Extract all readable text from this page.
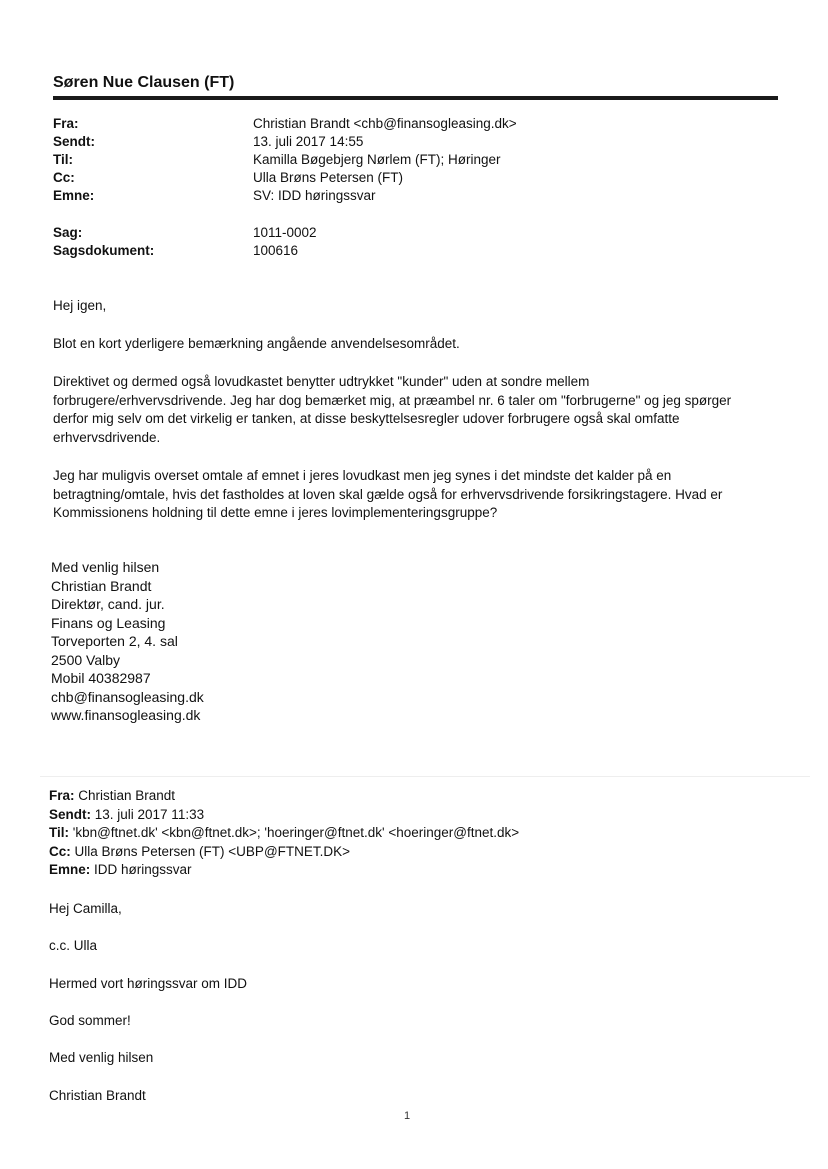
Søren Nue Clausen (FT)
Fra:	Christian Brandt <chb@finansogleasing.dk>
Sendt:	13. juli 2017 14:55
Til:	Kamilla Bøgebjerg Nørlem (FT); Høringer
Cc:	Ulla Brøns Petersen (FT)
Emne:	SV: IDD høringssvar
Sag:	1011-0002
Sagsdokument:	100616

Hej igen,

Blot en kort yderligere bemærkning angående anvendelsesområdet.

Direktivet og dermed også lovudkastet benytter udtrykket "kunder" uden at sondre mellem
forbrugere/erhvervsdrivende. Jeg har dog bemærket mig, at præambel nr. 6 taler om "forbrugerne" og jeg spørger
derfor mig selv om det virkelig er tanken, at disse beskyttelsesregler udover forbrugere også skal omfatte
erhvervsdrivende.
Jeg har muligvis overset omtale af emnet i jeres lovudkast men jeg synes i det mindste det kalder på en
betragtning/omtale, hvis det fastholdes at loven skal gælde også for erhvervsdrivende forsikringstagere. Hvad er
Kommissionens holdning til dette emne i jeres lovimplementeringsgruppe?
Med venlig hilsen
Christian Brandt
Direktør, cand. jur.
Finans og Leasing
Torveporten 2, 4. sal
2500 Valby
Mobil 40382987
chb@finansogleasing.dk
www.finansogleasing.dk
Fra: Christian Brandt
Sendt: 13. juli 2017 11:33
Til: 'kbn@ftnet.dk' <kbn@ftnet.dk>; 'hoeringer@ftnet.dk' <hoeringer@ftnet.dk>
Cc: Ulla Brøns Petersen (FT) <UBP@FTNET.DK>
Emne: IDD høringssvar
Hej Camilla,
c.c. Ulla
Hermed vort høringssvar om IDD
God sommer!
Med venlig hilsen
Christian Brandt
1
